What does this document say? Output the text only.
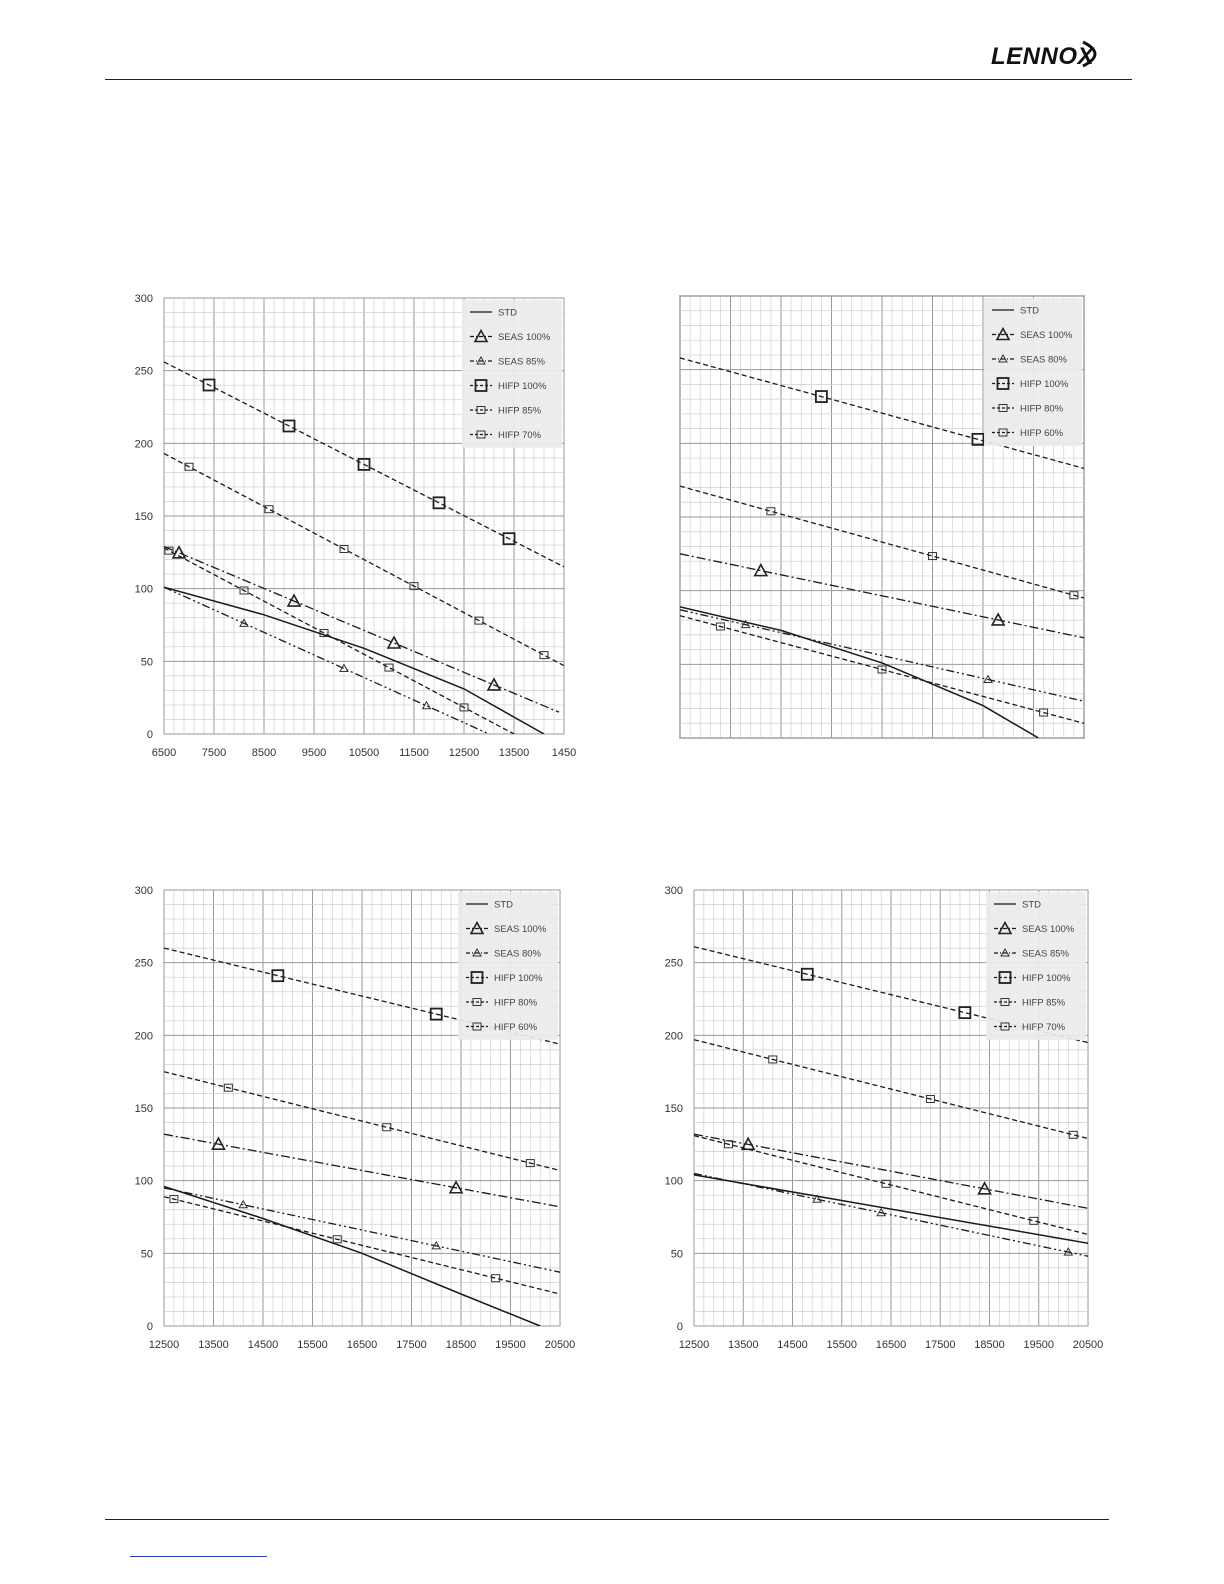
LENNOX
0
50
100
150
200
250
300
6500 7500 8500 9500 10500 11500 12500 13500 1450
STD
SEAS 100%
SEAS 85%
HIFP 100%
HIFP 85%
HIFP 70%
STD
SEAS 100%
SEAS 80%
HIFP 100%
HIFP 80%
HIFP 60%
0
50
100
150
200
250
300
12500 13500 14500 15500 16500 17500 18500 19500 20500
STD
SEAS 100%
SEAS 80%
HIFP 100%
HIFP 80%
HIFP 60%
0
50
100
150
200
250
300
12500 13500 14500 15500 16500 17500 18500 19500 20500
STD
SEAS 100%
SEAS 85%
HIFP 100%
HIFP 85%
HIFP 70%
